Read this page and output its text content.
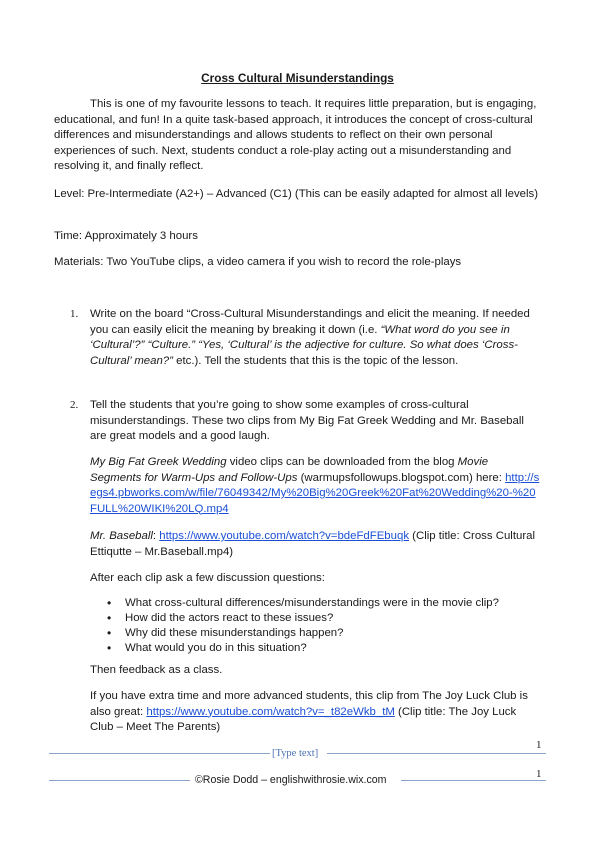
Cross Cultural Misunderstandings

This is one of my favourite lessons to teach. It requires little preparation, but is engaging, educational, and fun! In a quite task-based approach, it introduces the concept of cross-cultural differences and misunderstandings and allows students to reflect on their own personal experiences of such. Next, students conduct a role-play acting out a misunderstanding and resolving it, and finally reflect.

Level: Pre-Intermediate (A2+) – Advanced (C1) (This can be easily adapted for almost all levels)

Time: Approximately 3 hours

Materials: Two YouTube clips, a video camera if you wish to record the role-plays

1. Write on the board “Cross-Cultural Misunderstandings and elicit the meaning. If needed you can easily elicit the meaning by breaking it down (i.e. “What word do you see in ‘Cultural’?” “Culture.” “Yes, ‘Cultural’ is the adjective for culture. So what does ‘Cross-Cultural’ mean?” etc.). Tell the students that this is the topic of the lesson.

2. Tell the students that you’re going to show some examples of cross-cultural misunderstandings. These two clips from My Big Fat Greek Wedding and Mr. Baseball are great models and a good laugh.

My Big Fat Greek Wedding video clips can be downloaded from the blog Movie Segments for Warm-Ups and Follow-Ups (warmupsfollowups.blogspot.com) here: http://segs4.pbworks.com/w/file/76049342/My%20Big%20Greek%20Fat%20Wedding%20-%20FULL%20WIKI%20LQ.mp4

Mr. Baseball: https://www.youtube.com/watch?v=bdeFdFEbuqk (Clip title: Cross Cultural Ettiqutte – Mr.Baseball.mp4)

After each clip ask a few discussion questions:

• What cross-cultural differences/misunderstandings were in the movie clip?
• How did the actors react to these issues?
• Why did these misunderstandings happen?
• What would you do in this situation?

Then feedback as a class.

If you have extra time and more advanced students, this clip from The Joy Luck Club is also great: https://www.youtube.com/watch?v=_t82eWkb_tM (Clip title: The Joy Luck Club – Meet The Parents)

1
[Type text]
1
©Rosie Dodd – englishwithrosie.wix.com
